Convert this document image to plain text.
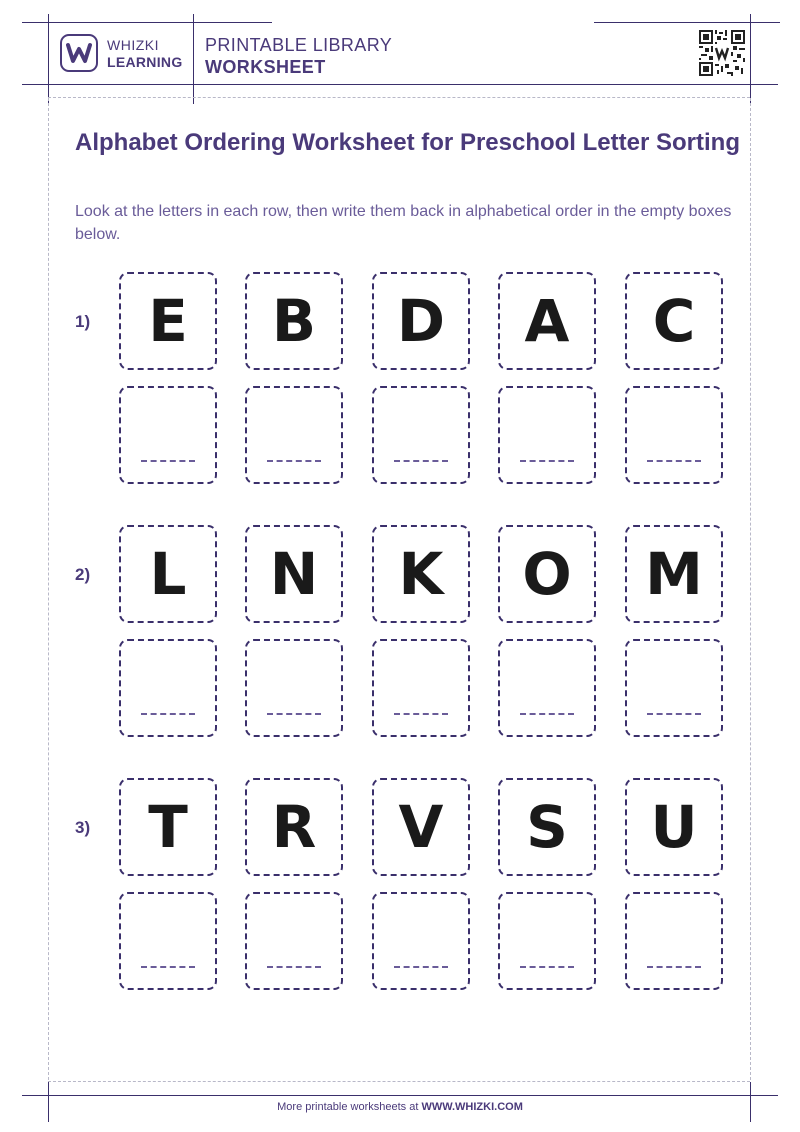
WHIZKI
LEARNING
PRINTABLE LIBRARY
WORKSHEET
Alphabet Ordering Worksheet for Preschool Letter Sorting
Look at the letters in each row, then write them back in alphabetical order in the empty boxes below.
1) E B D A C
2) L N K O M
3) T R V S U
More printable worksheets at WWW.WHIZKI.COM
